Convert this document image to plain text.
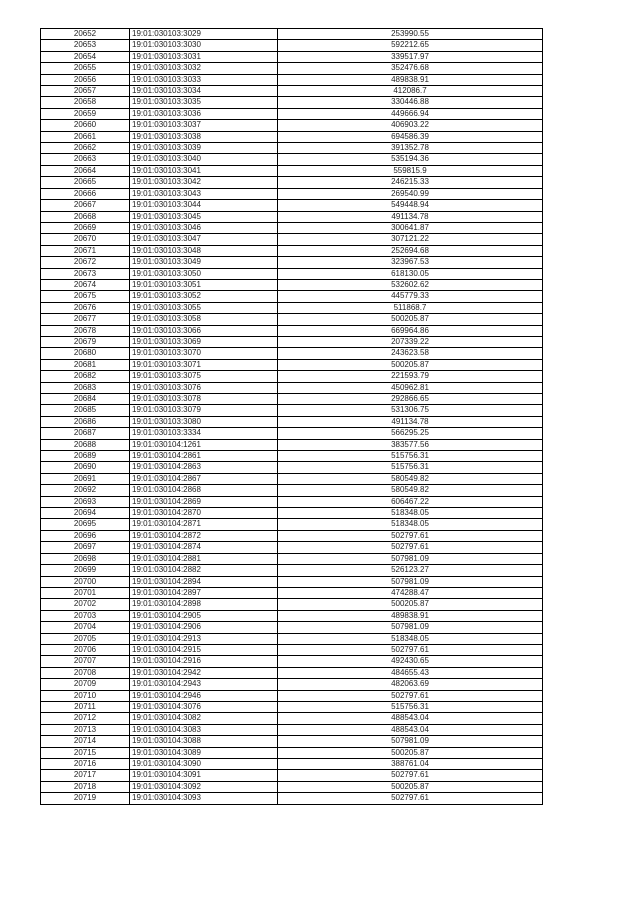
20652	19:01:030103:3029	253990.55
20653	19:01:030103:3030	592212.65
20654	19:01:030103:3031	339517.97
20655	19:01:030103:3032	352476.68
20656	19:01:030103:3033	489838.91
20657	19:01:030103:3034	412086.7
20658	19:01:030103:3035	330446.88
20659	19:01:030103:3036	449666.94
20660	19:01:030103:3037	406903.22
20661	19:01:030103:3038	694586.39
20662	19:01:030103:3039	391352.78
20663	19:01:030103:3040	535194.36
20664	19:01:030103:3041	559815.9
20665	19:01:030103:3042	246215.33
20666	19:01:030103:3043	269540.99
20667	19:01:030103:3044	549448.94
20668	19:01:030103:3045	491134.78
20669	19:01:030103:3046	300641.87
20670	19:01:030103:3047	307121.22
20671	19:01:030103:3048	252694.68
20672	19:01:030103:3049	323967.53
20673	19:01:030103:3050	618130.05
20674	19:01:030103:3051	532602.62
20675	19:01:030103:3052	445779.33
20676	19:01:030103:3055	511868.7
20677	19:01:030103:3058	500205.87
20678	19:01:030103:3066	669964.86
20679	19:01:030103:3069	207339.22
20680	19:01:030103:3070	243623.58
20681	19:01:030103:3071	500205.87
20682	19:01:030103:3075	221593.79
20683	19:01:030103:3076	450962.81
20684	19:01:030103:3078	292866.65
20685	19:01:030103:3079	531306.75
20686	19:01:030103:3080	491134.78
20687	19:01:030103:3334	566295.25
20688	19:01:030104:1261	383577.56
20689	19:01:030104:2861	515756.31
20690	19:01:030104:2863	515756.31
20691	19:01:030104:2867	580549.82
20692	19:01:030104:2868	580549.82
20693	19:01:030104:2869	606467.22
20694	19:01:030104:2870	518348.05
20695	19:01:030104:2871	518348.05
20696	19:01:030104:2872	502797.61
20697	19:01:030104:2874	502797.61
20698	19:01:030104:2881	507981.09
20699	19:01:030104:2882	526123.27
20700	19:01:030104:2894	507981.09
20701	19:01:030104:2897	474288.47
20702	19:01:030104:2898	500205.87
20703	19:01:030104:2905	489838.91
20704	19:01:030104:2906	507981.09
20705	19:01:030104:2913	518348.05
20706	19:01:030104:2915	502797.61
20707	19:01:030104:2916	492430.65
20708	19:01:030104:2942	484655.43
20709	19:01:030104:2943	482063.69
20710	19:01:030104:2946	502797.61
20711	19:01:030104:3076	515756.31
20712	19:01:030104:3082	488543.04
20713	19:01:030104:3083	488543.04
20714	19:01:030104:3088	507981.09
20715	19:01:030104:3089	500205.87
20716	19:01:030104:3090	388761.04
20717	19:01:030104:3091	502797.61
20718	19:01:030104:3092	500205.87
20719	19:01:030104:3093	502797.61
